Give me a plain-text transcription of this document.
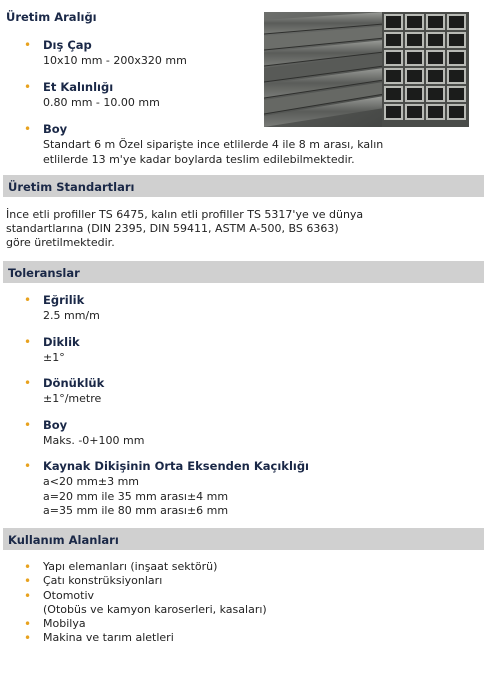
Üretim Aralığı
• Dış Çap
10x10 mm - 200x320 mm
• Et Kalınlığı
0.80 mm - 10.00 mm
• Boy
Standart 6 m Özel siparişte ince etlilerde 4 ile 8 m arası, kalın
etlilerde 13 m'ye kadar boylarda teslim edilebilmektedir.
Üretim Standartları
İnce etli profiller TS 6475, kalın etli profiller TS 5317'ye ve dünya
standartlarına (DIN 2395, DIN 59411, ASTM A-500, BS 6363)
göre üretilmektedir.
Toleranslar
• Eğrilik
2.5 mm/m
• Diklik
±1°
• Dönüklük
±1°/metre
• Boy
Maks. -0+100 mm
• Kaynak Dikişinin Orta Eksenden Kaçıklığı
a<20 mm±3 mm
a=20 mm ile 35 mm arası±4 mm
a=35 mm ile 80 mm arası±6 mm
Kullanım Alanları
• Yapı elemanları (inşaat sektörü)
• Çatı konstrüksiyonları
• Otomotiv
(Otobüs ve kamyon karoserleri, kasaları)
• Mobilya
• Makina ve tarım aletleri
